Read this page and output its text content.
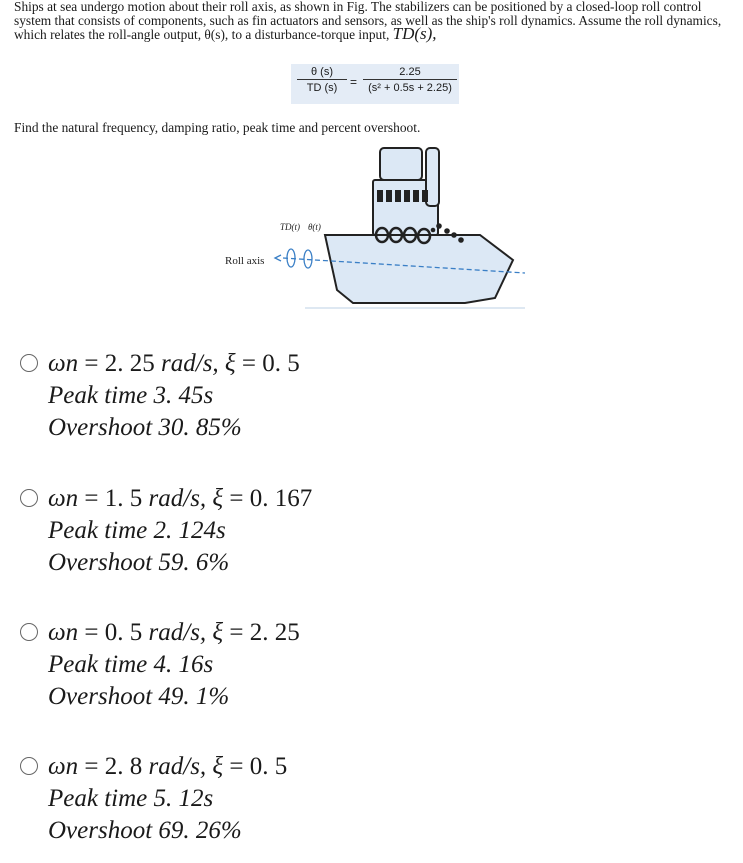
Ships at sea undergo motion about their roll axis, as shown in Fig. The stabilizers can be positioned by a closed-loop roll control system that consists of components, such as fin actuators and sensors, as well as the ship's roll dynamics. Assume the roll dynamics, which relates the roll-angle output, θ(s), to a disturbance-torque input, TD(s),

$\frac{\theta (s)}{TD (s)} = \frac{2.25}{\text{(s² + 0.5s + 2.25)}}$
Find the natural frequency, damping ratio, peak time and percent overshoot.
Roll axis
TD(t) θ(t)
ωn = 2. 25 rad/s, ξ = 0. 5
Peak time 3. 45s
Overshoot 30. 85%
ωn = 1. 5 rad/s, ξ = 0. 167
Peak time 2. 124s
Overshoot 59. 6%
ωn = 0. 5 rad/s, ξ = 2. 25
Peak time 4. 16s
Overshoot 49. 1%
ωn = 2. 8 rad/s, ξ = 0. 5
Peak time 5. 12s
Overshoot 69. 26%
